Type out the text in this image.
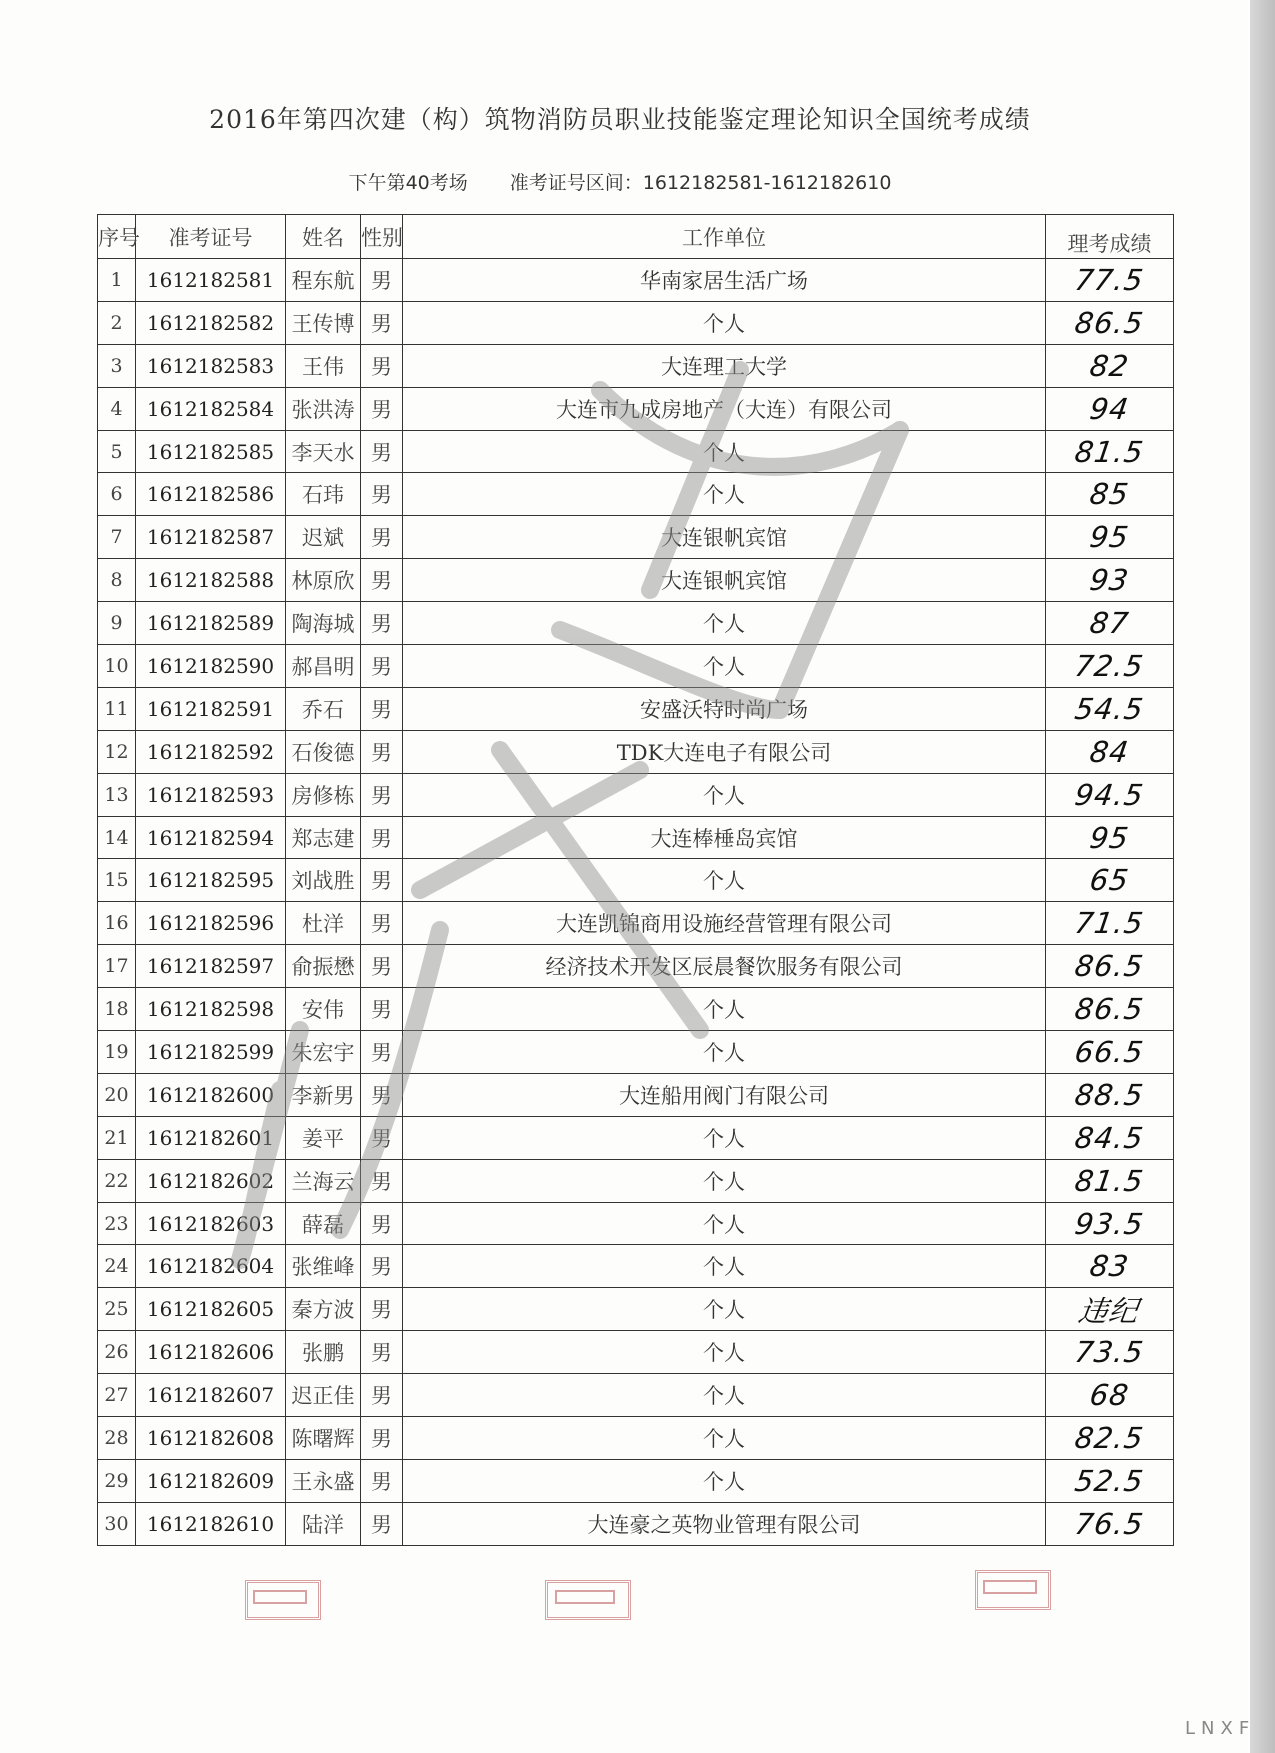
2016年第四次建（构）筑物消防员职业技能鉴定理论知识全国统考成绩
下午第40考场 准考证号区间：1612182581-1612182610
序号	准考证号	姓名	性别	工作单位	理考成绩
1	1612182581	程东航	男	华南家居生活广场	77.5
2	1612182582	王传博	男	个人	86.5
3	1612182583	王伟	男	大连理工大学	82
4	1612182584	张洪涛	男	大连市九成房地产（大连）有限公司	94
5	1612182585	李天水	男	个人	81.5
6	1612182586	石玮	男	个人	85
7	1612182587	迟斌	男	大连银帆宾馆	95
8	1612182588	林原欣	男	大连银帆宾馆	93
9	1612182589	陶海城	男	个人	87
10	1612182590	郝昌明	男	个人	72.5
11	1612182591	乔石	男	安盛沃特时尚广场	54.5
12	1612182592	石俊德	男	TDK大连电子有限公司	84
13	1612182593	房修栋	男	个人	94.5
14	1612182594	郑志建	男	大连棒棰岛宾馆	95
15	1612182595	刘战胜	男	个人	65
16	1612182596	杜洋	男	大连凯锦商用设施经营管理有限公司	71.5
17	1612182597	俞振懋	男	经济技术开发区辰晨餐饮服务有限公司	86.5
18	1612182598	安伟	男	个人	86.5
19	1612182599	朱宏宇	男	个人	66.5
20	1612182600	李新男	男	大连船用阀门有限公司	88.5
21	1612182601	姜平	男	个人	84.5
22	1612182602	兰海云	男	个人	81.5
23	1612182603	薛磊	男	个人	93.5
24	1612182604	张维峰	男	个人	83
25	1612182605	秦方波	男	个人	违纪
26	1612182606	张鹏	男	个人	73.5
27	1612182607	迟正佳	男	个人	68
28	1612182608	陈曙辉	男	个人	82.5
29	1612182609	王永盛	男	个人	52.5
30	1612182610	陆洋	男	大连豪之英物业管理有限公司	76.5
LNXF
